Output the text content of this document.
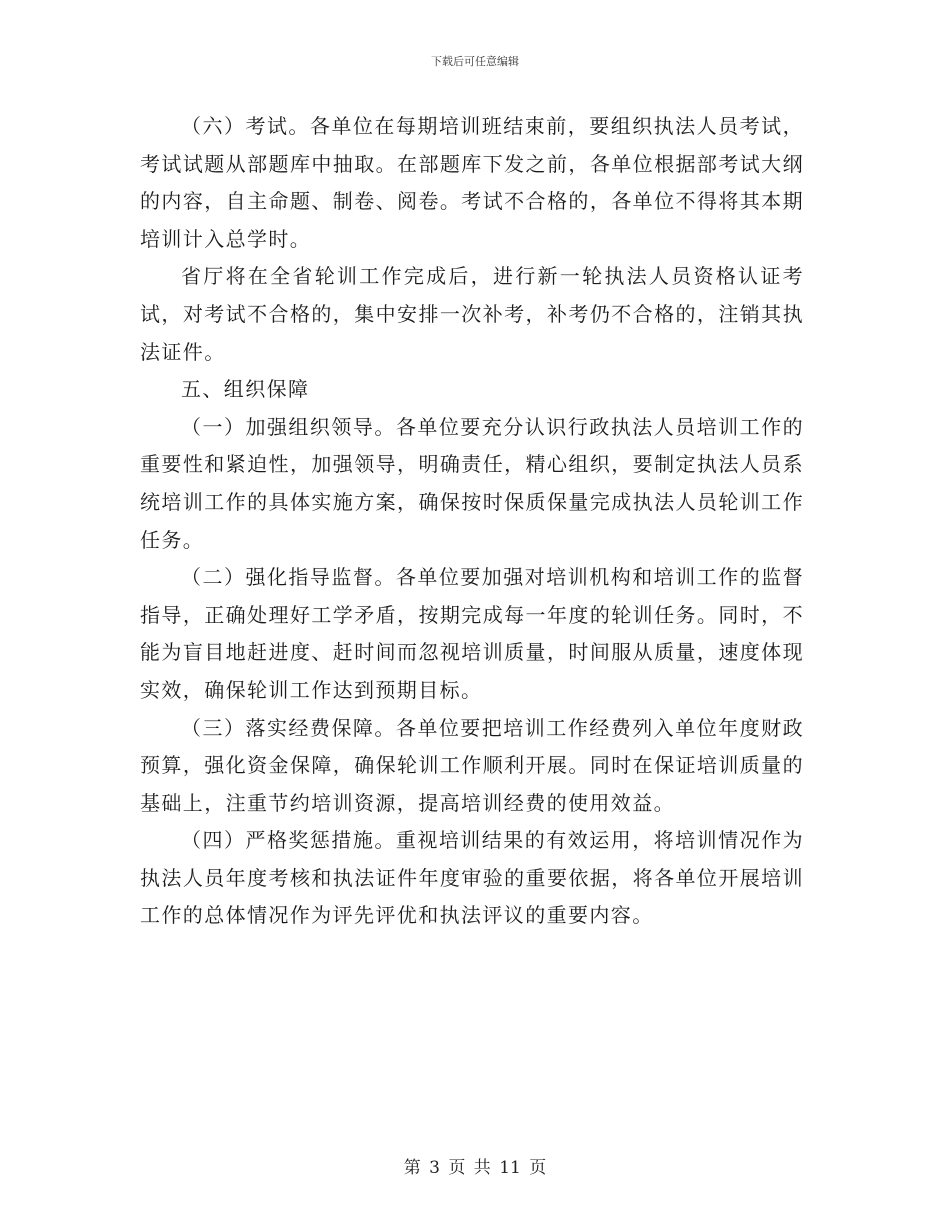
下载后可任意编辑

（六）考试。各单位在每期培训班结束前，要组织执法人员考试，考试试题从部题库中抽取。在部题库下发之前，各单位根据部考试大纲的内容，自主命题、制卷、阅卷。考试不合格的，各单位不得将其本期培训计入总学时。

省厅将在全省轮训工作完成后，进行新一轮执法人员资格认证考试，对考试不合格的，集中安排一次补考，补考仍不合格的，注销其执法证件。

五、组织保障

（一）加强组织领导。各单位要充分认识行政执法人员培训工作的重要性和紧迫性，加强领导，明确责任，精心组织，要制定执法人员系统培训工作的具体实施方案，确保按时保质保量完成执法人员轮训工作任务。

（二）强化指导监督。各单位要加强对培训机构和培训工作的监督指导，正确处理好工学矛盾，按期完成每一年度的轮训任务。同时，不能为盲目地赶进度、赶时间而忽视培训质量，时间服从质量，速度体现实效，确保轮训工作达到预期目标。

（三）落实经费保障。各单位要把培训工作经费列入单位年度财政预算，强化资金保障，确保轮训工作顺利开展。同时在保证培训质量的基础上，注重节约培训资源，提高培训经费的使用效益。

（四）严格奖惩措施。重视培训结果的有效运用，将培训情况作为执法人员年度考核和执法证件年度审验的重要依据，将各单位开展培训工作的总体情况作为评先评优和执法评议的重要内容。

第 3 页 共 11 页
